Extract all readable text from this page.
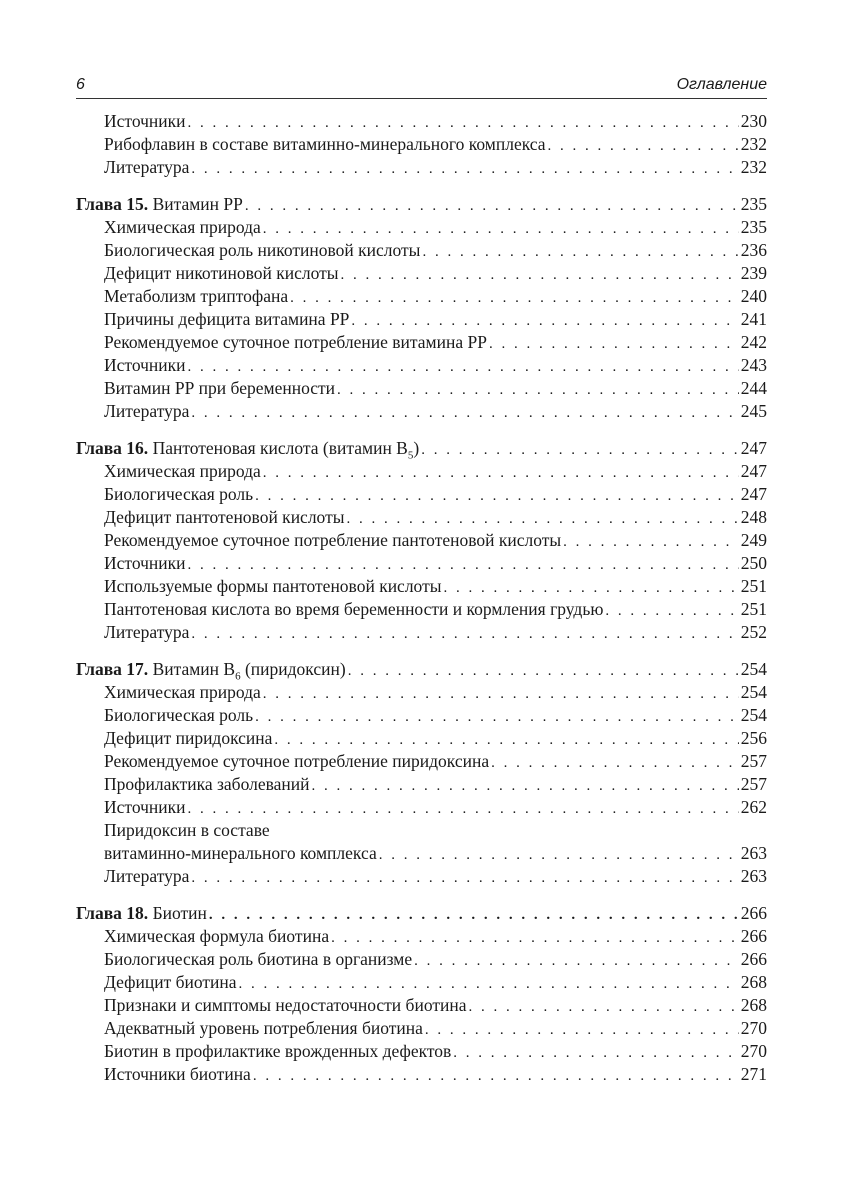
6	Оглавление
Источники . . .	230
Рибофлавин в составе витаминно-минерального комплекса . . .	232
Литература . . .	232
Глава 15. Витамин РР . . .	235
Химическая природа . . .	235
Биологическая роль никотиновой кислоты . . .	236
Дефицит никотиновой кислоты . . .	239
Метаболизм триптофана . . .	240
Причины дефицита витамина РР . . .	241
Рекомендуемое суточное потребление витамина РР . . .	242
Источники . . .	243
Витамин РР при беременности . . .	244
Литература . . .	245
Глава 16. Пантотеновая кислота (витамин $В_5$) . . .	247
Химическая природа . . .	247
Биологическая роль . . .	247
Дефицит пантотеновой кислоты . . .	248
Рекомендуемое суточное потребление пантотеновой кислоты . . .	249
Источники . . .	250
Используемые формы пантотеновой кислоты . . .	251
Пантотеновая кислота во время беременности и кормления грудью . . .	251
Литература . . .	252
Глава 17. Витамин $В_6$ (пиридоксин) . . .	254
Химическая природа . . .	254
Биологическая роль . . .	254
Дефицит пиридоксина . . .	256
Рекомендуемое суточное потребление пиридоксина . . .	257
Профилактика заболеваний . . .	257
Источники . . .	262
Пиридоксин в составе
витаминно-минерального комплекса . . .	263
Литература . . .	263
Глава 18. Биотин . . .	266
Химическая формула биотина . . .	266
Биологическая роль биотина в организме . . .	266
Дефицит биотина . . .	268
Признаки и симптомы недостаточности биотина . . .	268
Адекватный уровень потребления биотина . . .	270
Биотин в профилактике врожденных дефектов . . .	270
Источники биотина . . .	271
